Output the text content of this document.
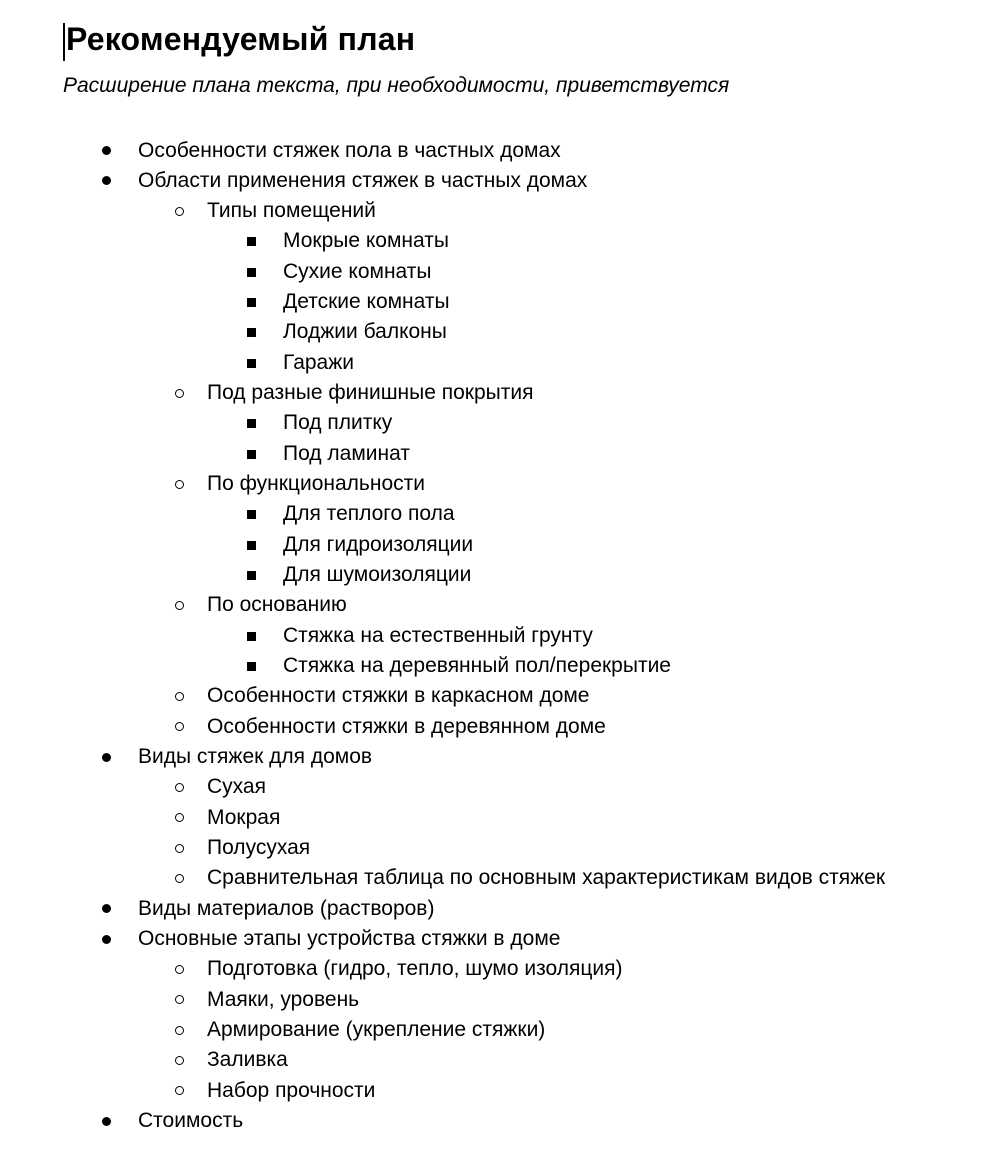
Рекомендуемый план

Расширение плана текста, при необходимости, приветствуется

Особенности стяжек пола в частных домах
Области применения стяжек в частных домах
Типы помещений
Мокрые комнаты
Сухие комнаты
Детские комнаты
Лоджии балконы
Гаражи
Под разные финишные покрытия
Под плитку
Под ламинат
По функциональности
Для теплого пола
Для гидроизоляции
Для шумоизоляции
По основанию
Стяжка на естественный грунту
Стяжка на деревянный пол/перекрытие
Особенности стяжки в каркасном доме
Особенности стяжки в деревянном доме
Виды стяжек для домов
Сухая
Мокрая
Полусухая
Сравнительная таблица по основным характеристикам видов стяжек
Виды материалов (растворов)
Основные этапы устройства стяжки в доме
Подготовка (гидро, тепло, шумо изоляция)
Маяки, уровень
Армирование (укрепление стяжки)
Заливка
Набор прочности
Стоимость
